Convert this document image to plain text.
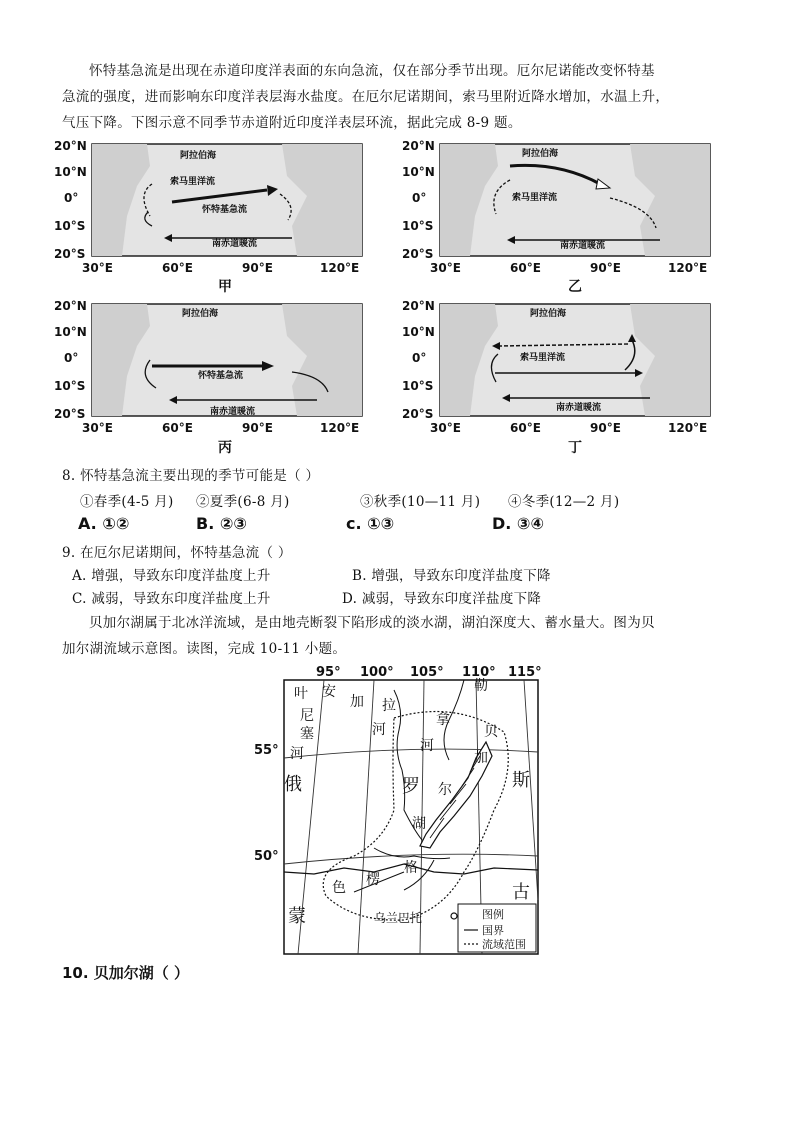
怀特基急流是出现在赤道印度洋表面的东向急流，仅在部分季节出现。厄尔尼诺能改变怀特基
急流的强度，进而影响东印度洋表层海水盐度。在厄尔尼诺期间，索马里附近降水增加，水温上升，
气压下降。下图示意不同季节赤道附近印度洋表层环流，据此完成 8-9 题。
20°N
10°N
0°
10°S
20°S
30°E	60°E	90°E	120°E
阿拉伯海
索马里洋流
怀特基急流
南赤道暖流
甲
20°N
10°N
0°
10°S
20°S
30°E	60°E	90°E	120°E
阿拉伯海
索马里洋流
南赤道暖流
乙
20°N
10°N
0°
10°S
20°S
30°E	60°E	90°E	120°E
阿拉伯海
怀特基急流
南赤道暖流
丙
20°N
10°N
0°
10°S
20°S
30°E	60°E	90°E	120°E
阿拉伯海
索马里洋流
南赤道暖流
丁
8. 怀特基急流主要出现的季节可能是（ ）
①春季(4-5 月) ②夏季(6-8 月)	③秋季(10—11 月) ④冬季(12—2 月)
A. ①②	B. ②③	c. ①③	D. ③④
9. 在厄尔尼诺期间，怀特基急流（ ）
A. 增强，导致东印度洋盐度上升	B. 增强，导致东印度洋盐度下降
C. 减弱，导致东印度洋盐度上升	D. 减弱，导致东印度洋盐度下降
贝加尔湖属于北冰洋流域，是由地壳断裂下陷形成的淡水湖，湖泊深度大、蓄水量大。图为贝
加尔湖流域示意图。读图，完成 10-11 小题。
95° 100° 105° 110° 115°
55°
50°
叶
尼
塞
河
安
加 拉
河
拿
勒
河
贝
加
尔
湖
俄	罗	斯
色 楞
格
蒙
古
乌兰巴托	图例
国界
流域范围
10. 贝加尔湖（ ）
